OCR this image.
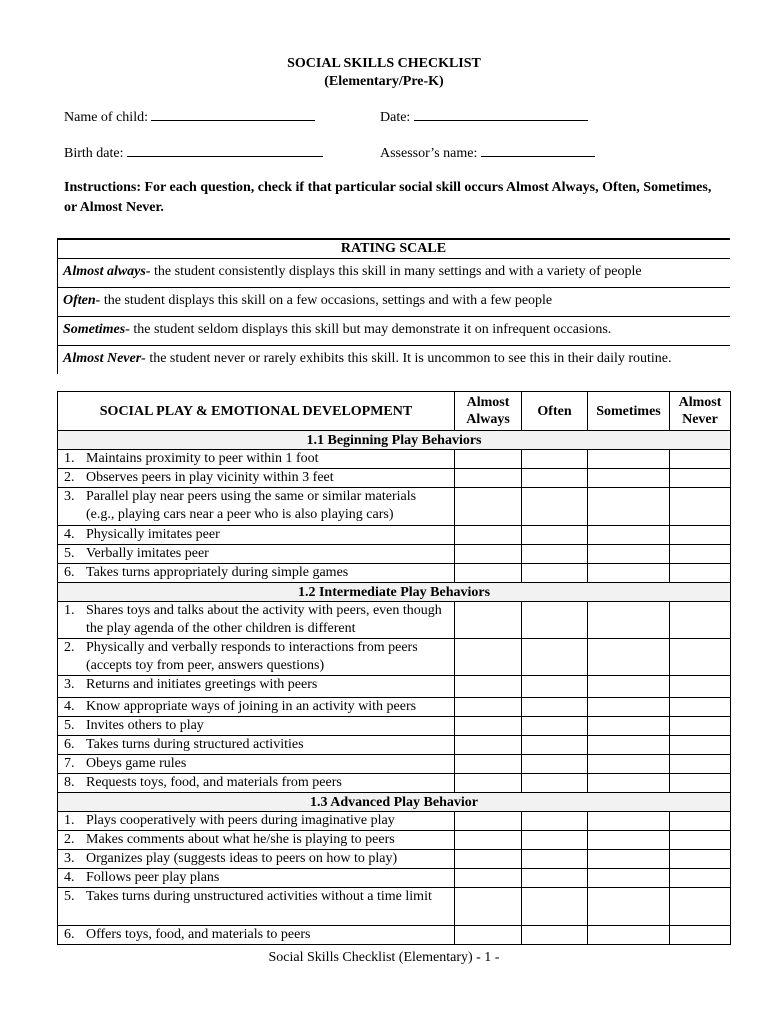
SOCIAL SKILLS CHECKLIST
(Elementary/Pre-K)
Name of child:	Date:
Birth date:	Assessor’s name:
Instructions: For each question, check if that particular social skill occurs Almost Always, Often, Sometimes, or Almost Never.
RATING SCALE
Almost always- the student consistently displays this skill in many settings and with a variety of people
Often- the student displays this skill on a few occasions, settings and with a few people
Sometimes- the student seldom displays this skill but may demonstrate it on infrequent occasions.
Almost Never- the student never or rarely exhibits this skill. It is uncommon to see this in their daily routine.
SOCIAL PLAY & EMOTIONAL DEVELOPMENT	Almost Always	Often	Sometimes	Almost Never
1.1 Beginning Play Behaviors				
1. Maintains proximity to peer within 1 foot				
2. Observes peers in play vicinity within 3 feet				
3. Parallel play near peers using the same or similar materials (e.g., playing cars near a peer who is also playing cars)				
4. Physically imitates peer				
5. Verbally imitates peer				
6. Takes turns appropriately during simple games				
1.2 Intermediate Play Behaviors				
1. Shares toys and talks about the activity with peers, even though the play agenda of the other children is different				
2. Physically and verbally responds to interactions from peers (accepts toy from peer, answers questions)				
3. Returns and initiates greetings with peers				
4. Know appropriate ways of joining in an activity with peers				
5. Invites others to play				
6. Takes turns during structured activities				
7. Obeys game rules				
8. Requests toys, food, and materials from peers				
1.3 Advanced Play Behavior				
1. Plays cooperatively with peers during imaginative play				
2. Makes comments about what he/she is playing to peers				
3. Organizes play (suggests ideas to peers on how to play)				
4. Follows peer play plans				
5. Takes turns during unstructured activities without a time limit				
6. Offers toys, food, and materials to peers				
Social Skills Checklist (Elementary) - 1 -
